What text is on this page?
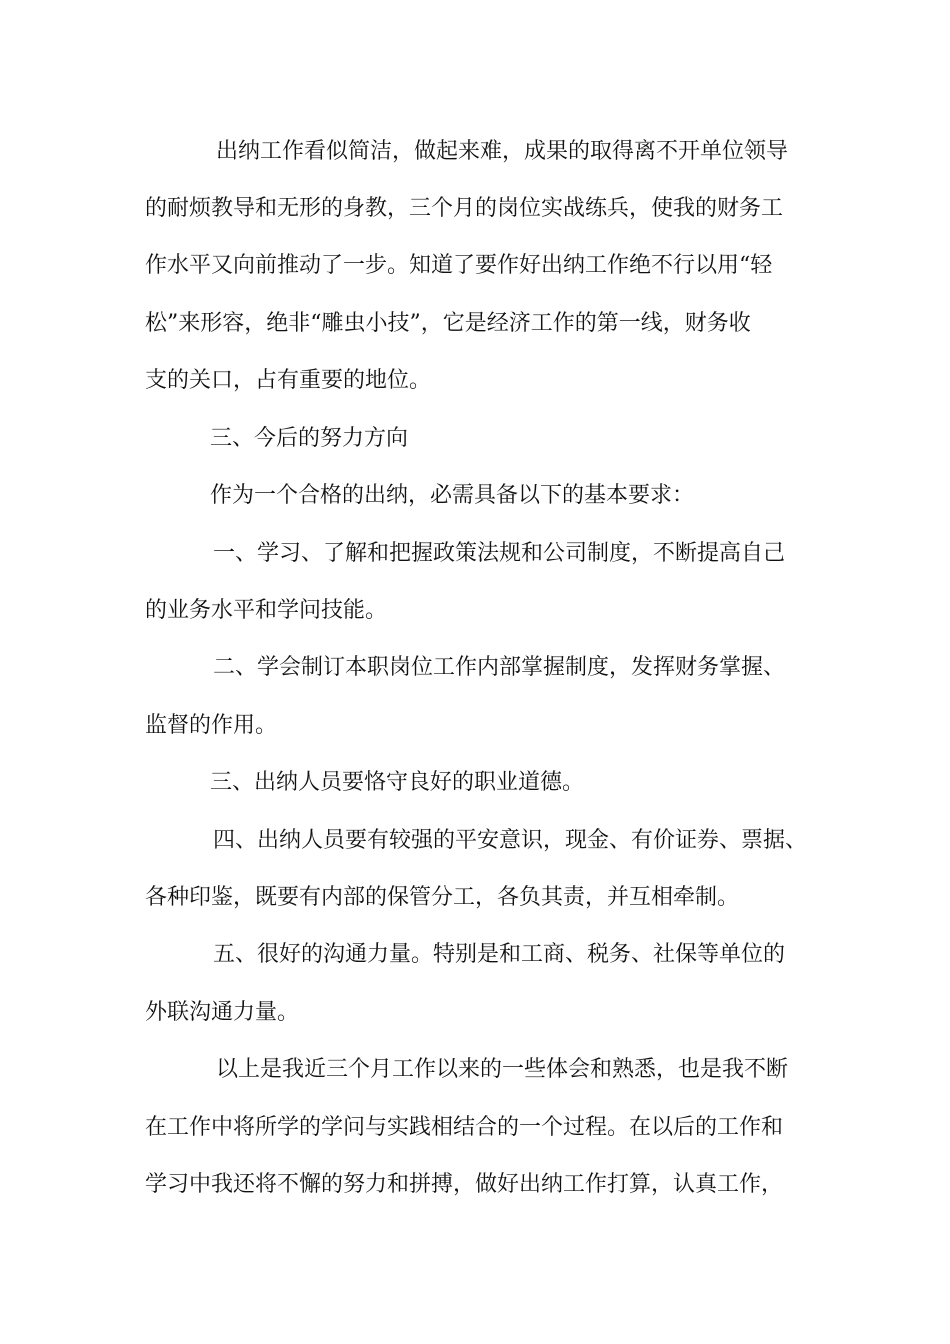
出纳工作看似简洁，做起来难，成果的取得离不开单位领导
的耐烦教导和无形的身教，三个月的岗位实战练兵，使我的财务工
作水平又向前推动了一步。知道了要作好出纳工作绝不行以用“轻
松”来形容，绝非“雕虫小技”，它是经济工作的第一线，财务收
支的关口，占有重要的地位。
三、今后的努力方向
作为一个合格的出纳，必需具备以下的基本要求：
一、学习、了解和把握政策法规和公司制度，不断提高自己
的业务水平和学问技能。
二、学会制订本职岗位工作内部掌握制度，发挥财务掌握、
监督的作用。
三、出纳人员要恪守良好的职业道德。
四、出纳人员要有较强的平安意识，现金、有价证券、票据、
各种印鉴，既要有内部的保管分工，各负其责，并互相牵制。
五、很好的沟通力量。特别是和工商、税务、社保等单位的
外联沟通力量。
以上是我近三个月工作以来的一些体会和熟悉，也是我不断
在工作中将所学的学问与实践相结合的一个过程。在以后的工作和
学习中我还将不懈的努力和拼搏，做好出纳工作打算，认真工作，
